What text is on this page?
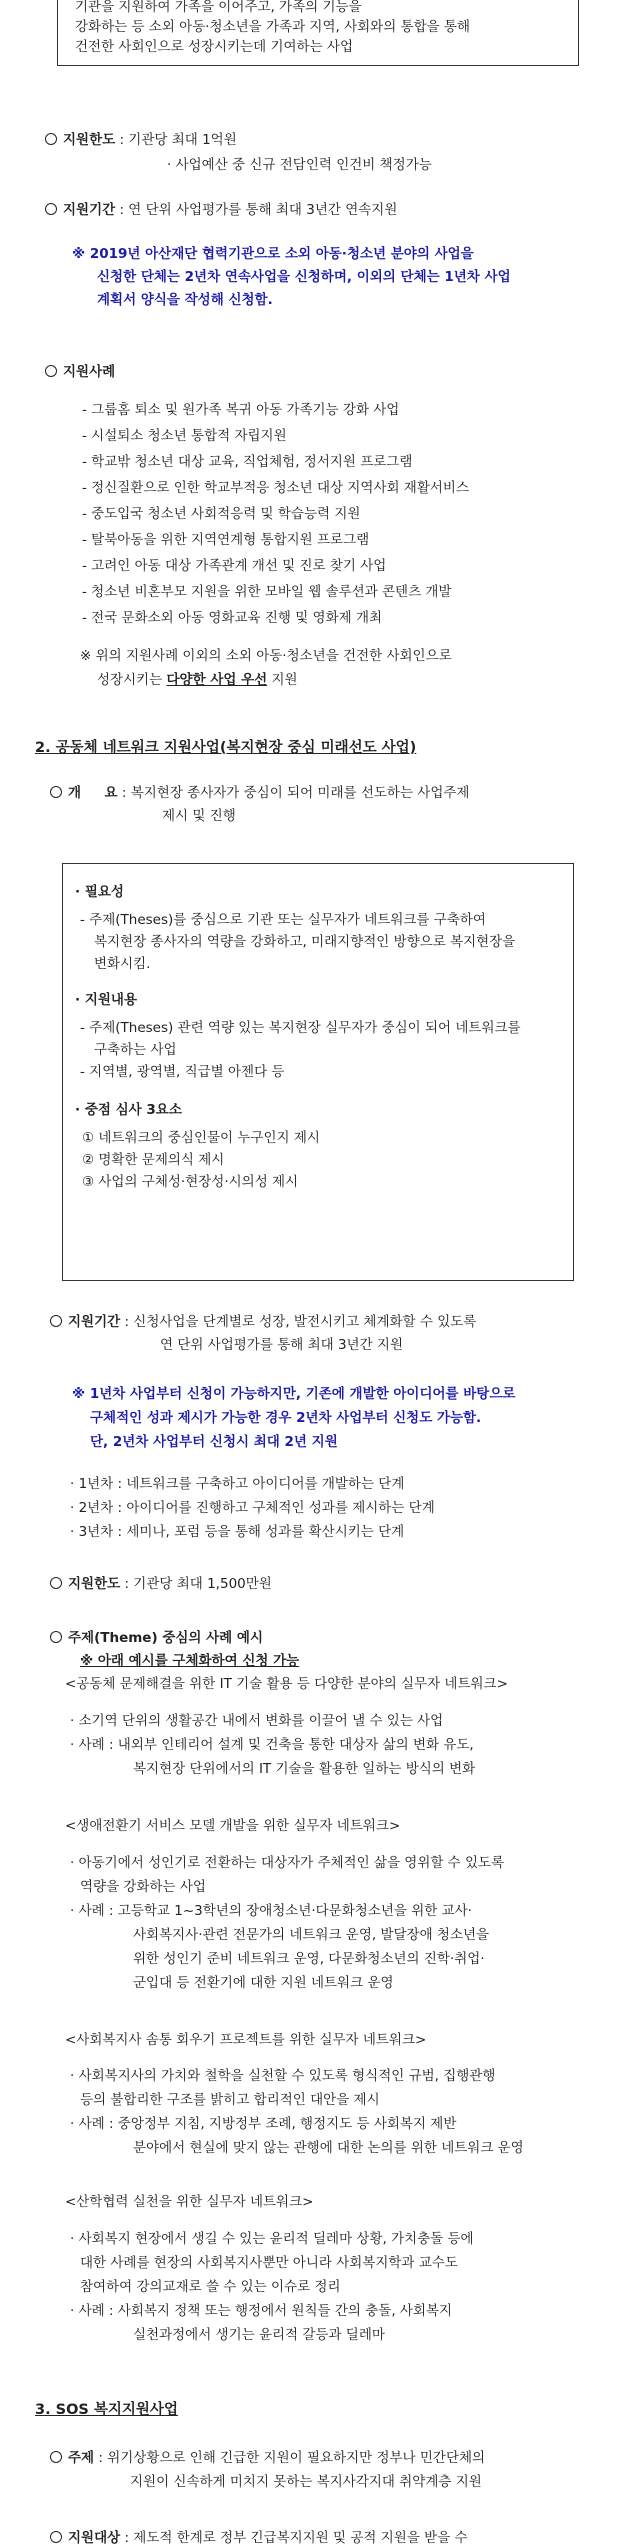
기관을 지원하여 가족을 이어주고, 가족의 기능을
강화하는 등 소외 아동·청소년을 가족과 지역, 사회와의 통합을 통해
건전한 사회인으로 성장시키는데 기여하는 사업
지원한도 : 기관당 최대 1억원
· 사업예산 중 신규 전담인력 인건비 책정가능
지원기간 : 연 단위 사업평가를 통해 최대 3년간 연속지원
※ 2019년 아산재단 협력기관으로 소외 아동·청소년 분야의 사업을
신청한 단체는 2년차 연속사업을 신청하며, 이외의 단체는 1년차 사업
계획서 양식을 작성해 신청함.
지원사례
- 그룹홈 퇴소 및 원가족 복귀 아동 가족기능 강화 사업
- 시설퇴소 청소년 통합적 자립지원
- 학교밖 청소년 대상 교육, 직업체험, 정서지원 프로그램
- 정신질환으로 인한 학교부적응 청소년 대상 지역사회 재활서비스
- 중도입국 청소년 사회적응력 및 학습능력 지원
- 탈북아동을 위한 지역연계형 통합지원 프로그램
- 고려인 아동 대상 가족관계 개선 및 진로 찾기 사업
- 청소년 비혼부모 지원을 위한 모바일 웹 솔루션과 콘텐츠 개발
- 전국 문화소외 아동 영화교육 진행 및 영화제 개최
※ 위의 지원사례 이외의 소외 아동·청소년을 건전한 사회인으로
성장시키는 다양한 사업 우선 지원
2. 공동체 네트워크 지원사업(복지현장 중심 미래선도 사업)
개     요 : 복지현장 종사자가 중심이 되어 미래를 선도하는 사업주제
제시 및 진행
· 필요성
- 주제(Theses)를 중심으로 기관 또는 실무자가 네트워크를 구축하여
복지현장 종사자의 역량을 강화하고, 미래지향적인 방향으로 복지현장을
변화시킴.
· 지원내용
- 주제(Theses) 관련 역량 있는 복지현장 실무자가 중심이 되어 네트워크를
구축하는 사업
- 지역별, 광역별, 직급별 아젠다 등
· 중점 심사 3요소
① 네트워크의 중심인물이 누구인지 제시
② 명확한 문제의식 제시
③ 사업의 구체성·현장성·시의성 제시
지원기간 : 신청사업을 단계별로 성장, 발전시키고 체계화할 수 있도록
연 단위 사업평가를 통해 최대 3년간 지원
※ 1년차 사업부터 신청이 가능하지만, 기존에 개발한 아이디어를 바탕으로
구체적인 성과 제시가 가능한 경우 2년차 사업부터 신청도 가능함.
단, 2년차 사업부터 신청시 최대 2년 지원
· 1년차 : 네트워크를 구축하고 아이디어를 개발하는 단계
· 2년차 : 아이디어를 진행하고 구체적인 성과를 제시하는 단계
· 3년차 : 세미나, 포럼 등을 통해 성과를 확산시키는 단계
지원한도 : 기관당 최대 1,500만원
주제(Theme) 중심의 사례 예시
※ 아래 예시를 구체화하여 신청 가능
<공동체 문제해결을 위한 IT 기술 활용 등 다양한 분야의 실무자 네트워크>
· 소기역 단위의 생활공간 내에서 변화를 이끌어 낼 수 있는 사업
· 사례 : 내외부 인테리어 설계 및 건축을 통한 대상자 삶의 변화 유도,
복지현장 단위에서의 IT 기술을 활용한 일하는 방식의 변화
<생애전환기 서비스 모델 개발을 위한 실무자 네트워크>
· 아동기에서 성인기로 전환하는 대상자가 주체적인 삶을 영위할 수 있도록
역량을 강화하는 사업
· 사례 : 고등학교 1~3학년의 장애청소년·다문화청소년을 위한 교사·
사회복지사·관련 전문가의 네트워크 운영, 발달장애 청소년을
위한 성인기 준비 네트워크 운영, 다문화청소년의 진학·취업·
군입대 등 전환기에 대한 지원 네트워크 운영
<사회복지사 솜통 회우기 프로젝트를 위한 실무자 네트워크>
· 사회복지사의 가치와 철학을 실천할 수 있도록 형식적인 규범, 집행관행
등의 불합리한 구조를 밝히고 합리적인 대안을 제시
· 사례 : 중앙정부 지침, 지방정부 조례, 행정지도 등 사회복지 제반
분야에서 현실에 맞지 않는 관행에 대한 논의를 위한 네트워크 운영
<산학협력 실천을 위한 실무자 네트워크>
· 사회복지 현장에서 생길 수 있는 윤리적 딜레마 상황, 가치충돌 등에
대한 사례를 현장의 사회복지사뿐만 아니라 사회복지학과 교수도
참여하여 강의교재로 쓸 수 있는 이슈로 정리
· 사례 : 사회복지 정책 또는 행정에서 원칙들 간의 충돌, 사회복지
실천과정에서 생기는 윤리적 갈등과 딜레마
3. SOS 복지지원사업
주제 : 위기상황으로 인해 긴급한 지원이 필요하지만 정부나 민간단체의
지원이 신속하게 미치지 못하는 복지사각지대 취약계층 지원
지원대상 : 제도적 한계로 정부 긴급복지지원 및 공적 지원을 받을 수
